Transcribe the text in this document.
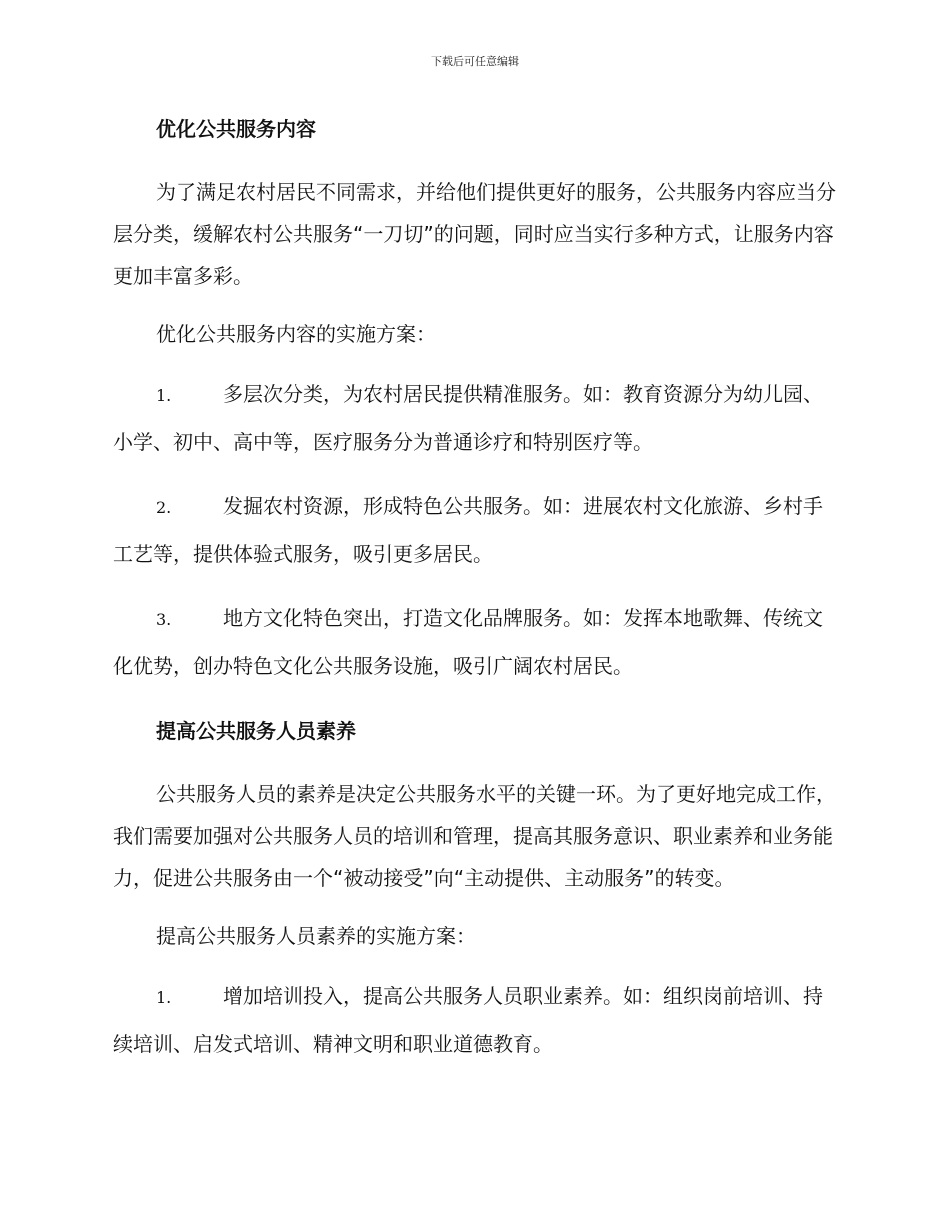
下载后可任意编辑
优化公共服务内容

为了满足农村居民不同需求，并给他们提供更好的服务，公共服务内容应当分层分类，缓解农村公共服务“一刀切”的问题，同时应当实行多种方式，让服务内容更加丰富多彩。

优化公共服务内容的实施方案：

1.	多层次分类，为农村居民提供精准服务。如：教育资源分为幼儿园、小学、初中、高中等，医疗服务分为普通诊疗和特别医疗等。
2.	发掘农村资源，形成特色公共服务。如：进展农村文化旅游、乡村手工艺等，提供体验式服务，吸引更多居民。
3.	地方文化特色突出，打造文化品牌服务。如：发挥本地歌舞、传统文化优势，创办特色文化公共服务设施，吸引广阔农村居民。
提高公共服务人员素养

公共服务人员的素养是决定公共服务水平的关键一环。为了更好地完成工作，我们需要加强对公共服务人员的培训和管理，提高其服务意识、职业素养和业务能力，促进公共服务由一个“被动接受”向“主动提供、主动服务”的转变。

提高公共服务人员素养的实施方案：

1.	增加培训投入，提高公共服务人员职业素养。如：组织岗前培训、持续培训、启发式培训、精神文明和职业道德教育。
